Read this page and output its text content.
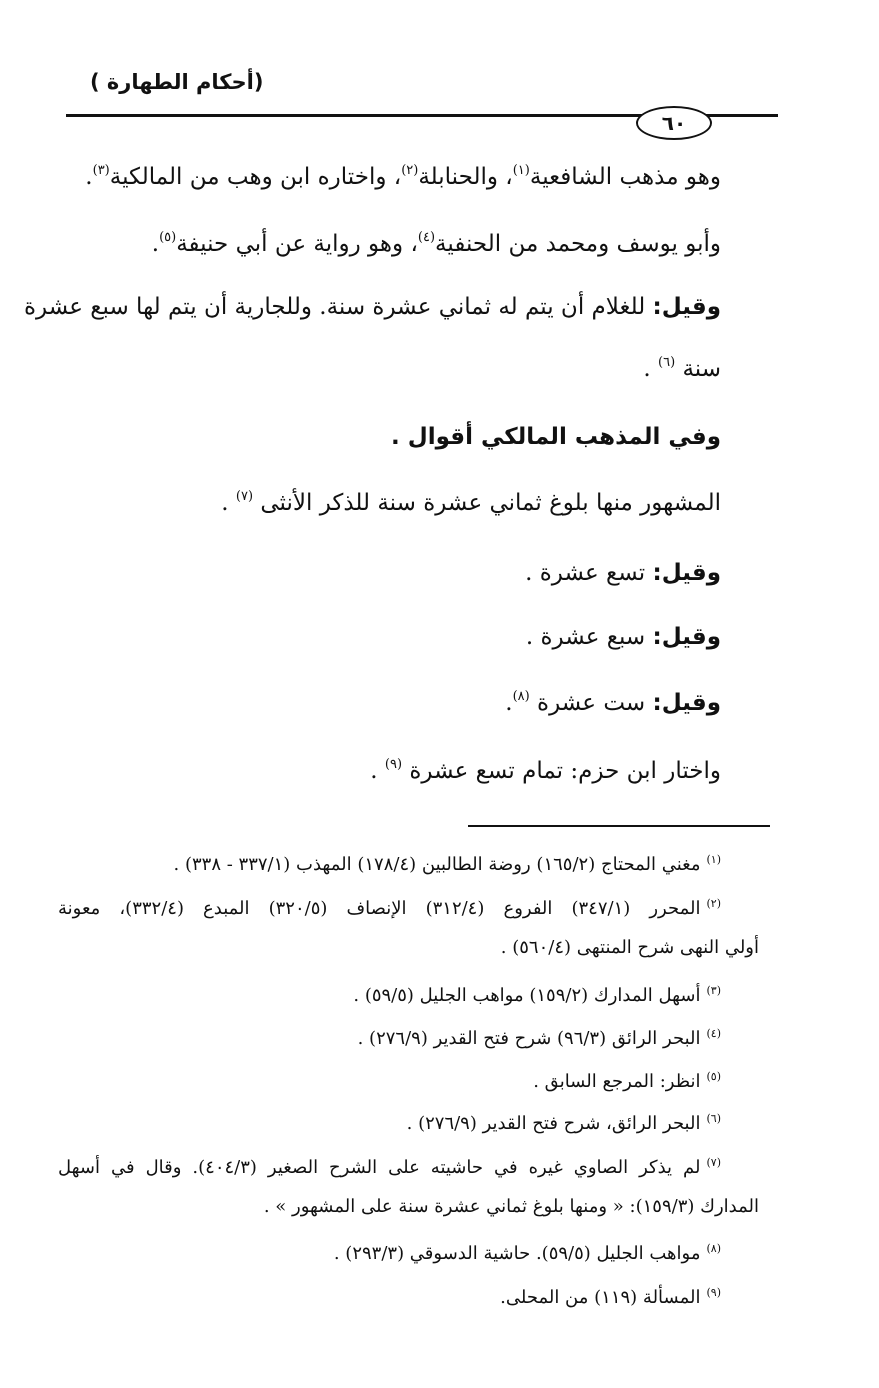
(أحكام الطهارة )
٦٠
وهو مذهب الشافعية$^{(١)}$، والحنابلة$^{(٢)}$، واختاره ابن وهب من المالكية$^{(٣)}$.
وأبو يوسف ومحمد من الحنفية$^{(٤)}$، وهو رواية عن أبي حنيفة$^{(٥)}$.
وقيل: للغلام أن يتم له ثماني عشرة سنة. وللجارية أن يتم لها سبع عشرة
سنة $^{(٦)}$ .
وفي المذهب المالكي أقوال .
المشهور منها بلوغ ثماني عشرة سنة للذكر الأنثى $^{(٧)}$ .
وقيل: تسع عشرة .
وقيل: سبع عشرة .
وقيل: ست عشرة $^{(٨)}$.
واختار ابن حزم: تمام تسع عشرة $^{(٩)}$ .
$^{(١)}$مغني المحتاج (١٦٥/٢) روضة الطالبين (١٧٨/٤) المهذب (٣٣٧/١ - ٣٣٨) .
$^{(٢)}$المحرر (٣٤٧/١) الفروع (٣١٢/٤) الإنصاف (٣٢٠/٥) المبدع (٣٣٢/٤)، معونة
أولي النهى شرح المنتهى (٥٦٠/٤) .
$^{(٣)}$أسهل المدارك (١٥٩/٢) مواهب الجليل (٥٩/٥) .
$^{(٤)}$البحر الرائق (٩٦/٣) شرح فتح القدير (٢٧٦/٩) .
$^{(٥)}$انظر: المرجع السابق .
$^{(٦)}$البحر الرائق، شرح فتح القدير (٢٧٦/٩) .
$^{(٧)}$لم يذكر الصاوي غيره في حاشيته على الشرح الصغير (٤٠٤/٣). وقال في أسهل
المدارك (١٥٩/٣): « ومنها بلوغ ثماني عشرة سنة على المشهور » .
$^{(٨)}$مواهب الجليل (٥٩/٥). حاشية الدسوقي (٢٩٣/٣) .
$^{(٩)}$المسألة (١١٩) من المحلى.
